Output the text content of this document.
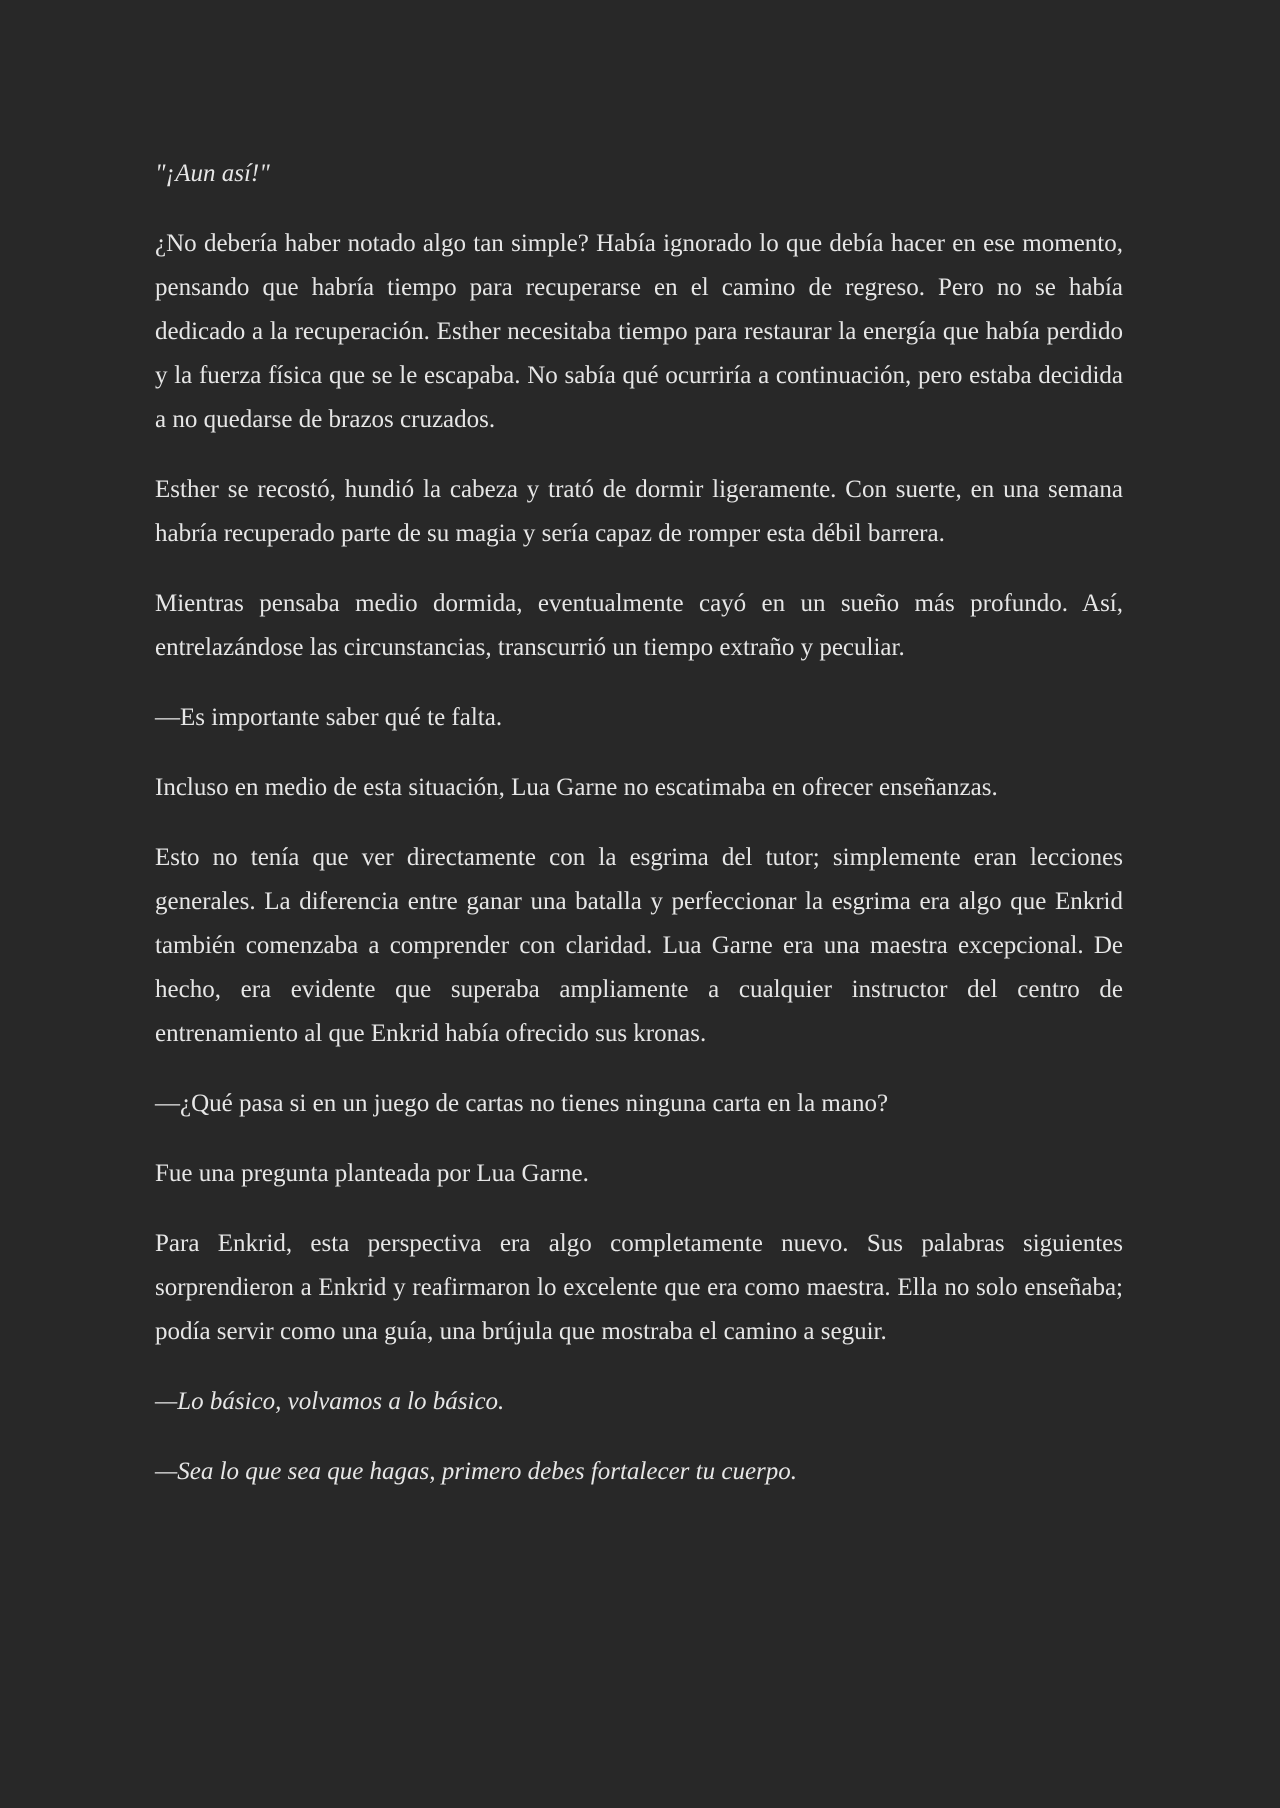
"¡Aun así!"

¿No debería haber notado algo tan simple? Había ignorado lo que debía hacer en ese momento, pensando que habría tiempo para recuperarse en el camino de regreso. Pero no se había dedicado a la recuperación. Esther necesitaba tiempo para restaurar la energía que había perdido y la fuerza física que se le escapaba. No sabía qué ocurriría a continuación, pero estaba decidida a no quedarse de brazos cruzados.

Esther se recostó, hundió la cabeza y trató de dormir ligeramente. Con suerte, en una semana habría recuperado parte de su magia y sería capaz de romper esta débil barrera.

Mientras pensaba medio dormida, eventualmente cayó en un sueño más profundo. Así, entrelazándose las circunstancias, transcurrió un tiempo extraño y peculiar.

—Es importante saber qué te falta.

Incluso en medio de esta situación, Lua Garne no escatimaba en ofrecer enseñanzas.

Esto no tenía que ver directamente con la esgrima del tutor; simplemente eran lecciones generales. La diferencia entre ganar una batalla y perfeccionar la esgrima era algo que Enkrid también comenzaba a comprender con claridad. Lua Garne era una maestra excepcional. De hecho, era evidente que superaba ampliamente a cualquier instructor del centro de entrenamiento al que Enkrid había ofrecido sus kronas.

—¿Qué pasa si en un juego de cartas no tienes ninguna carta en la mano?

Fue una pregunta planteada por Lua Garne.

Para Enkrid, esta perspectiva era algo completamente nuevo. Sus palabras siguientes sorprendieron a Enkrid y reafirmaron lo excelente que era como maestra. Ella no solo enseñaba; podía servir como una guía, una brújula que mostraba el camino a seguir.

—Lo básico, volvamos a lo básico.

—Sea lo que sea que hagas, primero debes fortalecer tu cuerpo.
